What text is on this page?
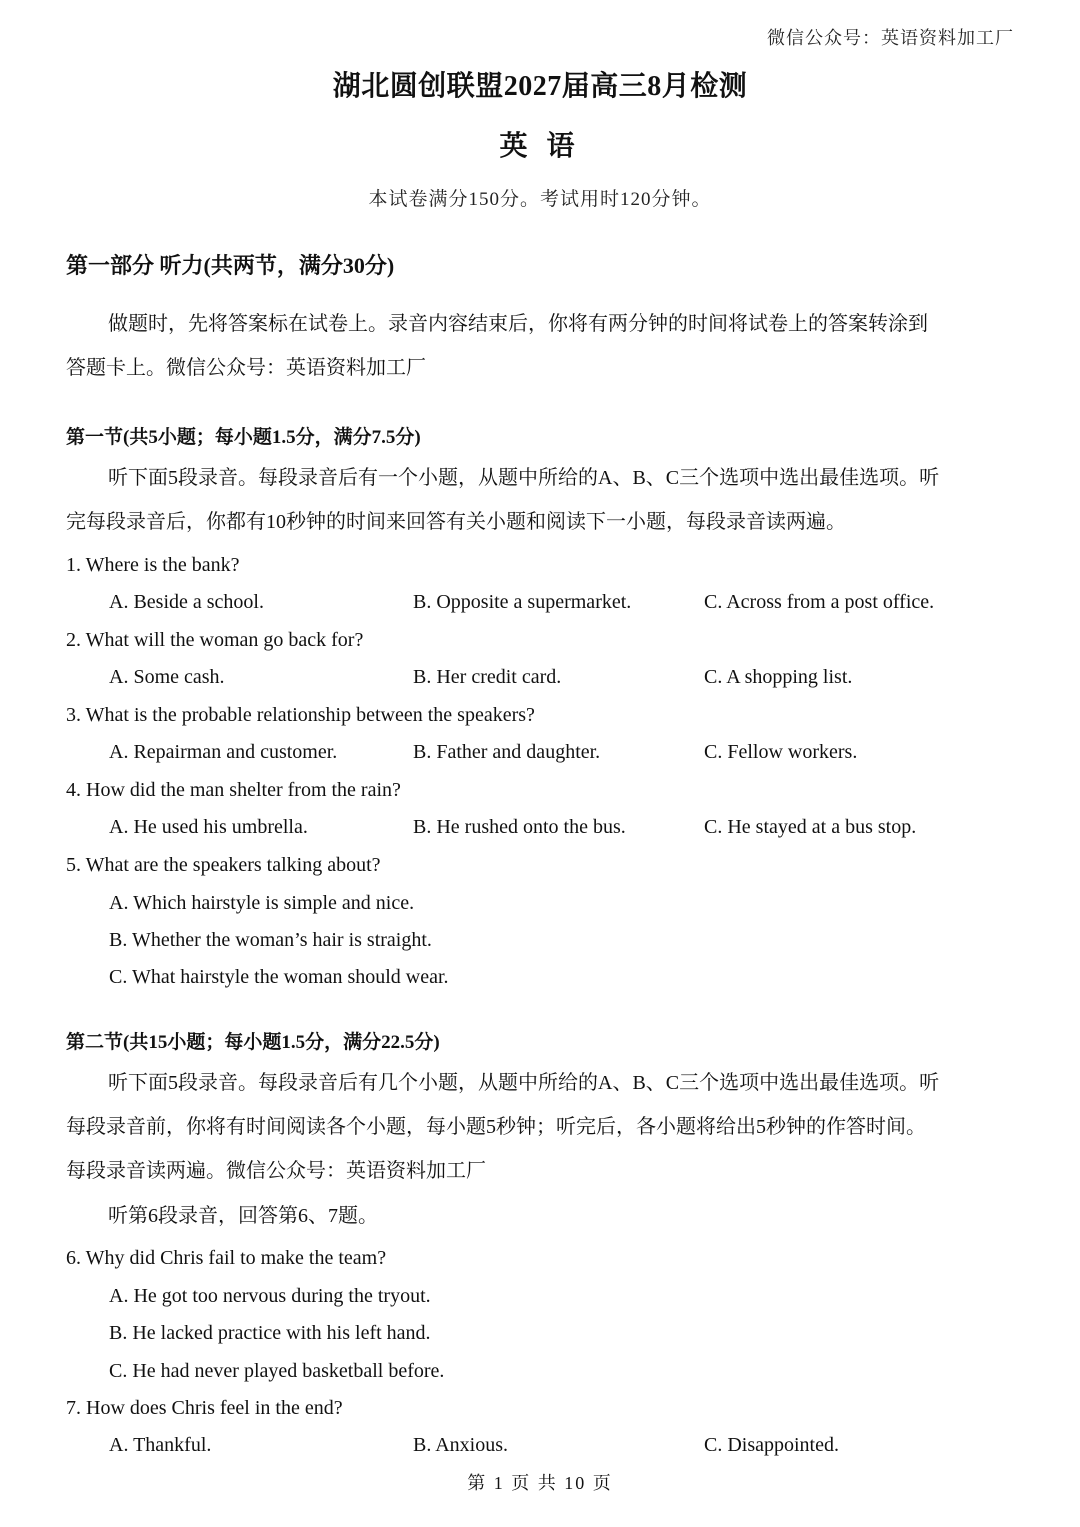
微信公众号：英语资料加工厂
湖北圆创联盟2027届高三8月检测
英 语
本试卷满分150分。考试用时120分钟。
第一部分 听力(共两节，满分30分)
做题时，先将答案标在试卷上。录音内容结束后，你将有两分钟的时间将试卷上的答案转涂到
答题卡上。微信公众号：英语资料加工厂
第一节(共5小题；每小题1.5分，满分7.5分)
听下面5段录音。每段录音后有一个小题，从题中所给的A、B、C三个选项中选出最佳选项。听
完每段录音后，你都有10秒钟的时间来回答有关小题和阅读下一小题，每段录音读两遍。
1. Where is the bank?
A. Beside a school.	B. Opposite a supermarket.	C. Across from a post office.
2. What will the woman go back for?
A. Some cash.	B. Her credit card.	C. A shopping list.
3. What is the probable relationship between the speakers?
A. Repairman and customer.	B. Father and daughter.	C. Fellow workers.
4. How did the man shelter from the rain?
A. He used his umbrella.	B. He rushed onto the bus.	C. He stayed at a bus stop.
5. What are the speakers talking about?
A. Which hairstyle is simple and nice.
B. Whether the woman’s hair is straight.
C. What hairstyle the woman should wear.
第二节(共15小题；每小题1.5分，满分22.5分)
听下面5段录音。每段录音后有几个小题，从题中所给的A、B、C三个选项中选出最佳选项。听
每段录音前，你将有时间阅读各个小题，每小题5秒钟；听完后，各小题将给出5秒钟的作答时间。
每段录音读两遍。微信公众号：英语资料加工厂
听第6段录音，回答第6、7题。
6. Why did Chris fail to make the team?
A. He got too nervous during the tryout.
B. He lacked practice with his left hand.
C. He had never played basketball before.
7. How does Chris feel in the end?
A. Thankful.	B. Anxious.	C. Disappointed.
第 1 页 共 10 页
